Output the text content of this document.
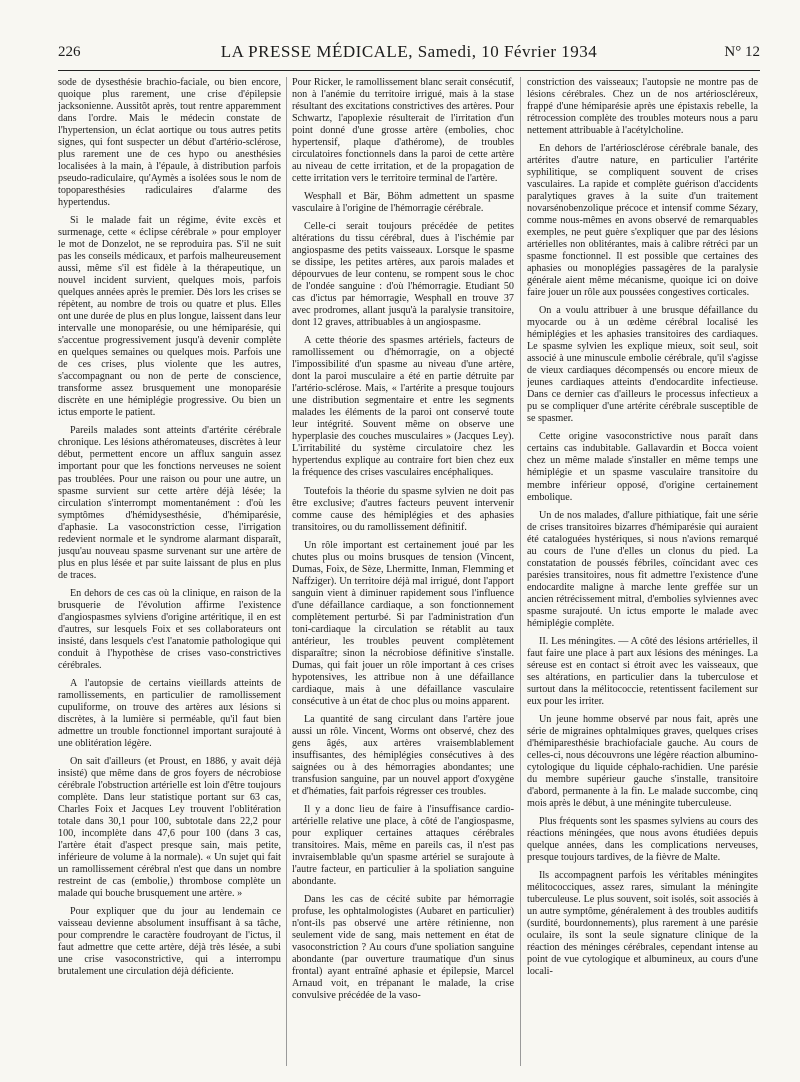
226	LA PRESSE MÉDICALE, Samedi, 10 Février 1934	N° 12

sode de dysesthésie brachio-faciale, ou bien encore, quoique plus rarement, une crise d'épilepsie jacksonienne. Aussitôt après, tout rentre apparemment dans l'ordre. Mais le médecin constate de l'hypertension, un éclat aortique ou tous autres petits signes, qui font suspecter un début d'artério-sclérose, plus rarement une de ces hypo ou anesthésies localisées à la main, à l'épaule, à distribution parfois pseudo-radiculaire, qu'Aymès a isolées sous le nom de topoparesthésies radiculaires d'alarme des hypertendus.

Si le malade fait un régime, évite excès et surmenage, cette « éclipse cérébrale » pour employer le mot de Donzelot, ne se reproduira pas. S'il ne suit pas les conseils médicaux, et parfois malheureusement aussi, même s'il est fidèle à la thérapeutique, un nouvel incident survient, quelques mois, parfois quelques années après le premier. Dès lors les crises se répètent, au nombre de trois ou quatre et plus. Elles ont une durée de plus en plus longue, laissent dans leur intervalle une monoparésie, ou une hémiparésie, qui s'accentue progressivement jusqu'à devenir complète en quelques semaines ou quelques mois. Parfois une de ces crises, plus violente que les autres, s'accompagnant ou non de perte de conscience, transforme assez brusquement une monoparésie discrète en une hémiplégie progressive. Ou bien un ictus emporte le patient.

Pareils malades sont atteints d'artérite cérébrale chronique. Les lésions athéromateuses, discrètes à leur début, permettent encore un afflux sanguin assez important pour que les fonctions nerveuses ne soient pas troublées. Pour une raison ou pour une autre, un spasme survient sur cette artère déjà lésée; la circulation s'interrompt momentanément : d'où les symptômes d'hémidysesthésie, d'hémiparésie, d'aphasie. La vasoconstriction cesse, l'irrigation redevient normale et le syndrome alarmant disparaît, jusqu'au nouveau spasme survenant sur une artère de plus en plus lésée et par suite laissant de plus en plus de traces.

En dehors de ces cas où la clinique, en raison de la brusquerie de l'évolution affirme l'existence d'angiospasmes sylviens d'origine artéritique, il en est d'autres, sur lesquels Foix et ses collaborateurs ont insisté, dans lesquels c'est l'anatomie pathologique qui conduit à l'hypothèse de crises vaso-constrictives cérébrales.

A l'autopsie de certains vieillards atteints de ramollissements, en particulier de ramollissement cupuliforme, on trouve des artères aux lésions si discrètes, à la lumière si perméable, qu'il faut bien admettre un trouble fonctionnel important surajouté à une oblitération légère.

On sait d'ailleurs (et Proust, en 1886, y avait déjà insisté) que même dans de gros foyers de nécrobiose cérébrale l'obstruction artérielle est loin d'être toujours complète. Dans leur statistique portant sur 63 cas, Charles Foix et Jacques Ley trouvent l'oblitération totale dans 30,1 pour 100, subtotale dans 22,2 pour 100, incomplète dans 47,6 pour 100 (dans 3 cas, l'artère était d'aspect presque sain, mais petite, inférieure de volume à la normale). « Un sujet qui fait un ramollissement cérébral n'est que dans un nombre restreint de cas (embolie,) thrombose complète un malade qui bouche brusquement une artère. »

Pour expliquer que du jour au lendemain ce vaisseau devienne absolument insuffisant à sa tâche, pour comprendre le caractère foudroyant de l'ictus, il faut admettre que cette artère, déjà très lésée, a subi une crise vasoconstrictive, qui a interrompu brutalement une circulation déjà déficiente.

Pour Ricker, le ramollissement blanc serait consécutif, non à l'anémie du territoire irrigué, mais à la stase résultant des excitations constrictives des artères. Pour Schwartz, l'apoplexie résulterait de l'irritation d'un point donné d'une grosse artère (embolies, choc hypertensif, plaque d'athérome), de troubles circulatoires fonctionnels dans la paroi de cette artère au niveau de cette irritation, et de la propagation de cette irritation vers le territoire terminal de l'artère.

Wesphall et Bär, Böhm admettent un spasme vasculaire à l'origine de l'hémorragie cérébrale.

Celle-ci serait toujours précédée de petites altérations du tissu cérébral, dues à l'ischémie par angiospasme des petits vaisseaux. Lorsque le spasme se dissipe, les petites artères, aux parois malades et dépourvues de leur contenu, se rompent sous le choc de l'ondée sanguine : d'où l'hémorragie. Etudiant 50 cas d'ictus par hémorragie, Wesphall en trouve 37 avec prodromes, allant jusqu'à la paralysie transitoire, dont 12 graves, attribuables à un angiospasme.

A cette théorie des spasmes artériels, facteurs de ramollissement ou d'hémorragie, on a objecté l'impossibilité d'un spasme au niveau d'une artère, dont la paroi musculaire a été en partie détruite par l'artério-sclérose. Mais, « l'artérite a presque toujours une distribution segmentaire et entre les segments malades les éléments de la paroi ont conservé toute leur intégrité. Souvent même on observe une hyperplasie des couches musculaires » (Jacques Ley). L'irritabilité du système circulatoire chez les hypertendus explique au contraire fort bien chez eux la fréquence des crises vasculaires encéphaliques.

Toutefois la théorie du spasme sylvien ne doit pas être exclusive; d'autres facteurs peuvent intervenir comme cause des hémiplégies et des aphasies transitoires, ou du ramollissement définitif.

Un rôle important est certainement joué par les chutes plus ou moins brusques de tension (Vincent, Dumas, Foix, de Sèze, Lhermitte, Inman, Flemming et Naffziger). Un territoire déjà mal irrigué, dont l'apport sanguin vient à diminuer rapidement sous l'influence d'une défaillance cardiaque, a son fonctionnement complètement perturbé. Si par l'administration d'un toni-cardiaque la circulation se rétablit au taux antérieur, les troubles peuvent complètement disparaître; sinon la nécrobiose définitive s'installe. Dumas, qui fait jouer un rôle important à ces crises hypotensives, les attribue non à une défaillance cardiaque, mais à une défaillance vasculaire consécutive à un état de choc plus ou moins apparent.

La quantité de sang circulant dans l'artère joue aussi un rôle. Vincent, Worms ont observé, chez des gens âgés, aux artères vraisemblablement insuffisantes, des hémiplégies consécutives à des saignées ou à des hémorragies abondantes; une transfusion sanguine, par un nouvel apport d'oxygène et d'hématies, fait parfois régresser ces troubles.

Il y a donc lieu de faire à l'insuffisance cardio-artérielle relative une place, à côté de l'angiospasme, pour expliquer certaines attaques cérébrales transitoires. Mais, même en pareils cas, il n'est pas invraisemblable qu'un spasme artériel se surajoute à l'autre facteur, en particulier à la spoliation sanguine abondante.

Dans les cas de cécité subite par hémorragie profuse, les ophtalmologistes (Aubaret en particulier) n'ont-ils pas observé une artère rétinienne, non seulement vide de sang, mais nettement en état de vasoconstriction ? Au cours d'une spoliation sanguine abondante (par ouverture traumatique d'un sinus frontal) ayant entraîné aphasie et épilepsie, Marcel Arnaud voit, en trépanant le malade, la crise convulsive précédée de la vaso-

constriction des vaisseaux; l'autopsie ne montre pas de lésions cérébrales. Chez un de nos artérioscléreux, frappé d'une hémiparésie après une épistaxis rebelle, la rétrocession complète des troubles moteurs nous a paru nettement attribuable à l'acétylcholine.

En dehors de l'artériosclérose cérébrale banale, des artérites d'autre nature, en particulier l'artérite syphilitique, se compliquent souvent de crises vasculaires. La rapide et complète guérison d'accidents paralytiques graves à la suite d'un traitement novarsénobenzolique précoce et intensif comme Sézary, comme nous-mêmes en avons observé de remarquables exemples, ne peut guère s'expliquer que par des lésions artérielles non oblitérantes, mais à calibre rétréci par un spasme fonctionnel. Il est possible que certaines des aphasies ou monoplégies passagères de la paralysie générale aient même mécanisme, quoique ici on doive faire jouer un rôle aux poussées congestives corticales.

On a voulu attribuer à une brusque défaillance du myocarde ou à un œdème cérébral localisé les hémiplégies et les aphasies transitoires des cardiaques. Le spasme sylvien les explique mieux, soit seul, soit associé à une minuscule embolie cérébrale, qu'il s'agisse de vieux cardiaques décompensés ou encore mieux de jeunes cardiaques atteints d'endocardite infectieuse. Dans ce dernier cas d'ailleurs le processus infectieux a pu se compliquer d'une artérite cérébrale susceptible de se spasmer.

Cette origine vasoconstrictive nous paraît dans certains cas indubitable. Gallavardin et Bocca voient chez un même malade s'installer en même temps une hémiplégie et un spasme vasculaire transitoire du membre inférieur opposé, d'origine certainement embolique.

Un de nos malades, d'allure pithiatique, fait une série de crises transitoires bizarres d'hémiparésie qui auraient été cataloguées hystériques, si nous n'avions remarqué au cours de l'une d'elles un clonus du pied. La constatation de poussés fébriles, coïncidant avec ces parésies transitoires, nous fit admettre l'existence d'une endocardite maligne à marche lente greffée sur un ancien rétrécissement mitral, d'embolies sylviennes avec spasme surajouté. Un ictus emporte le malade avec hémiplégie complète.

II. Les méningites. — A côté des lésions artérielles, il faut faire une place à part aux lésions des méninges. La séreuse est en contact si étroit avec les vaisseaux, que ses altérations, en particulier dans la tuberculose et surtout dans la mélitococcie, retentissent facilement sur eux pour les irriter.

Un jeune homme observé par nous fait, après une série de migraines ophtalmiques graves, quelques crises d'hémiparesthésie brachiofaciale gauche. Au cours de celles-ci, nous découvrons une légère réaction albumino-cytologique du liquide céphalo-rachidien. Une parésie du membre supérieur gauche s'installe, transitoire d'abord, permanente à la fin. Le malade succombe, cinq mois après le début, à une méningite tuberculeuse.

Plus fréquents sont les spasmes sylviens au cours des réactions méningées, que nous avons étudiées depuis quelque années, dans les complications nerveuses, presque toujours tardives, de la fièvre de Malte.

Ils accompagnent parfois les véritables méningites mélitococciques, assez rares, simulant la méningite tuberculeuse. Le plus souvent, soit isolés, soit associés à un autre symptôme, généralement à des troubles auditifs (surdité, bourdonnements), plus rarement à une parésie oculaire, ils sont la seule signature clinique de la réaction des méninges cérébrales, cependant intense au point de vue cytologique et albumineux, au cours d'une locali-
